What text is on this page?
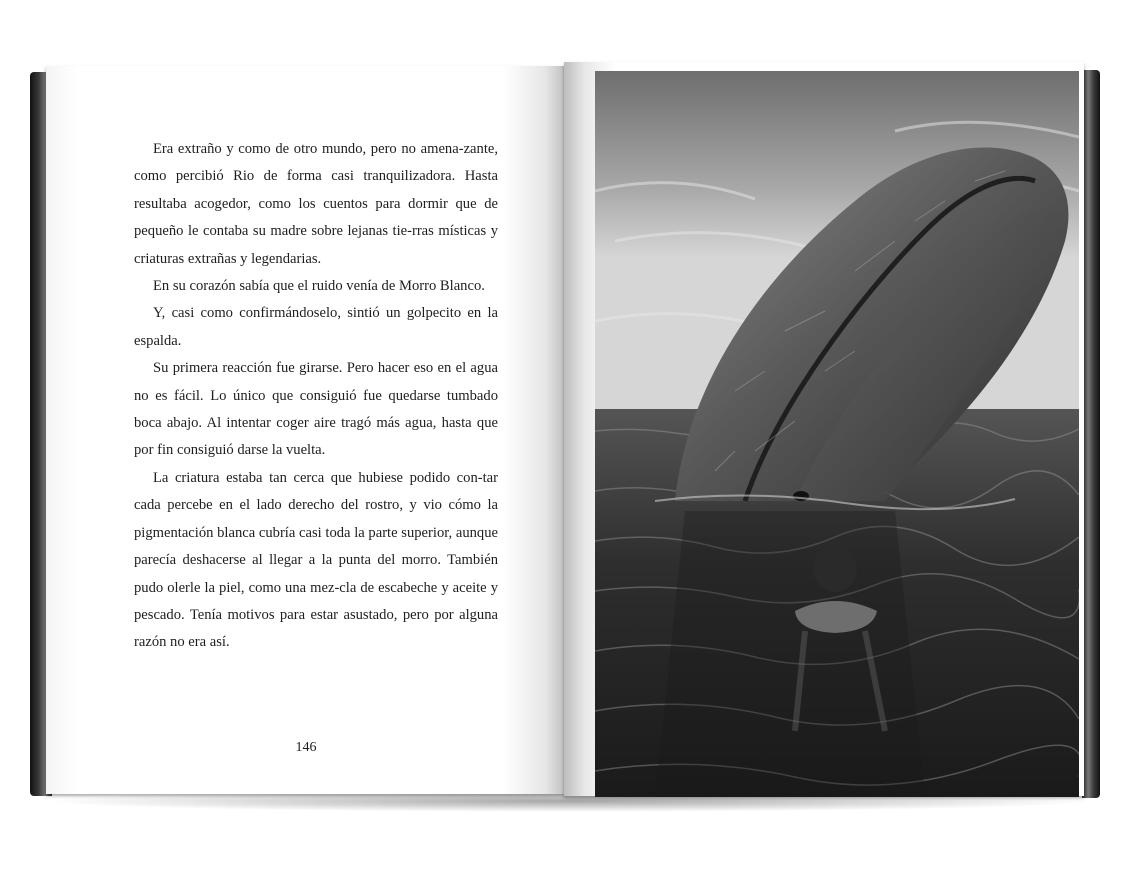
Era extraño y como de otro mundo, pero no amena-zante, como percibió Rio de forma casi tranquilizadora. Hasta resultaba acogedor, como los cuentos para dormir que de pequeño le contaba su madre sobre lejanas tie-rras místicas y criaturas extrañas y legendarias.

En su corazón sabía que el ruido venía de Morro Blanco.

Y, casi como confirmándoselo, sintió un golpecito en la espalda.

Su primera reacción fue girarse. Pero hacer eso en el agua no es fácil. Lo único que consiguió fue quedarse tumbado boca abajo. Al intentar coger aire tragó más agua, hasta que por fin consiguió darse la vuelta.

La criatura estaba tan cerca que hubiese podido con-tar cada percebe en el lado derecho del rostro, y vio cómo la pigmentación blanca cubría casi toda la parte superior, aunque parecía deshacerse al llegar a la punta del morro. También pudo olerle la piel, como una mez-cla de escabeche y aceite y pescado. Tenía motivos para estar asustado, pero por alguna razón no era así.

146
